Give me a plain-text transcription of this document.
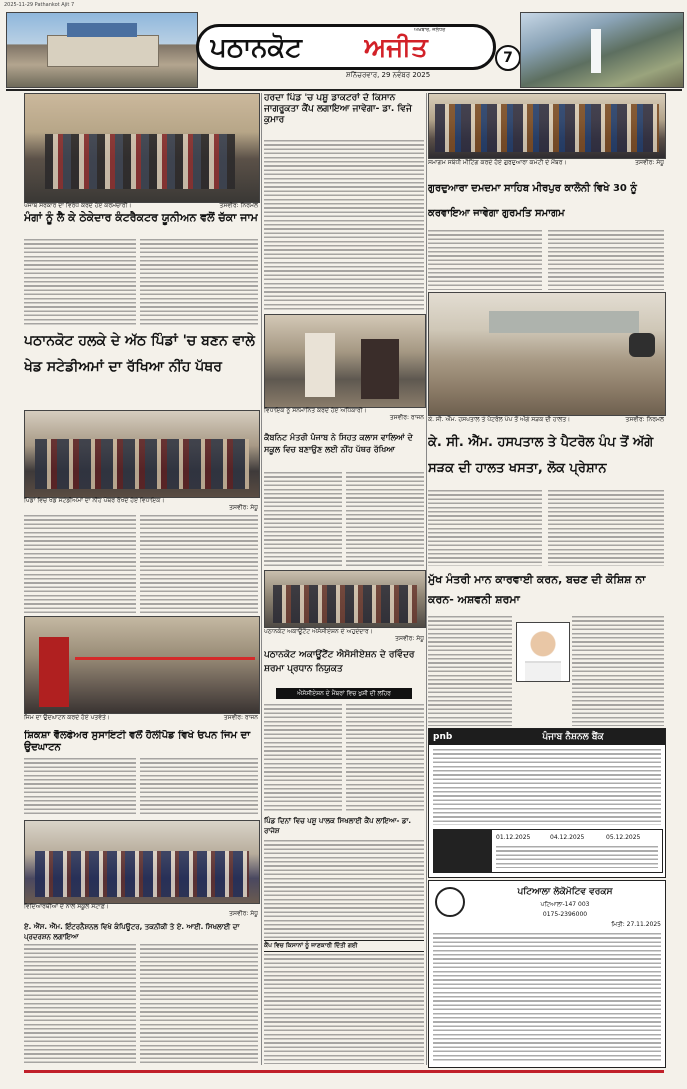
2025-11-29 Pathankot Ajit 7
ਪਠਾਨਕੋਟ	ਅਜੀਤ
ਅਖ਼ਬਾਰ, ਜਲੰਧਰ
ਸ਼ਨਿੱਚਰਵਾਰ, 29 ਨਵੰਬਰ 2025
7
ਪੰਜਾਬ ਸਰਕਾਰ ਦਾ ਵਿਰੋਧ ਕਰਦੇ ਹੋਏ ਕਰਮਚਾਰੀ।	ਤਸਵੀਰ: ਨਿਰਮਲ
ਮੰਗਾਂ ਨੂੰ ਲੈ ਕੇ ਠੇਕੇਦਾਰ ਕੰਟਰੈਕਟਰ ਯੂਨੀਅਨ ਵਲੋਂ ਚੱਕਾ ਜਾਮ
ਪਠਾਨਕੋਟ ਹਲਕੇ ਦੇ ਅੱਠ ਪਿੰਡਾਂ 'ਚ ਬਣਨ ਵਾਲੇ ਖੇਡ ਸਟੇਡੀਅਮਾਂ ਦਾ ਰੱਖਿਆ ਨੀਂਹ ਪੱਥਰ
ਪਿੰਡਾਂ ਵਿਚ ਖੇਡ ਸਟੇਡੀਅਮਾਂ ਦਾ ਨੀਂਹ ਪੱਥਰ ਰੱਖਦੇ ਹੋਏ ਵਿਧਾਇਕ।
ਤਸਵੀਰ: ਸੰਧੂ
ਜਿਮ ਦਾ ਉਦਘਾਟਨ ਕਰਦੇ ਹੋਏ ਪਤਵੰਤੇ।	ਤਸਵੀਰ: ਰਾਜਨ
ਸ਼ਿਕਸ਼ਾ ਵੈੱਲਫੇਅਰ ਸੁਸਾਇਟੀ ਵਲੋਂ ਹੈਲੀਪੈਡ ਵਿਖੇ ਓਪਨ ਜਿਮ ਦਾ ਉਦਘਾਟਨ
ਵਿਦਿਆਰਥੀਆਂ ਦੇ ਨਾਲ ਸਕੂਲ ਸਟਾਫ਼।
ਤਸਵੀਰ: ਸੰਧੂ
ਏ. ਐੱਸ. ਐੱਮ. ਇੰਟਰਨੈਸ਼ਨਲ ਵਿਖੇ ਕੰਪਿਊਟਰ, ਤਕਨੀਕੀ ਤੇ ਏ. ਆਈ. ਸਿਖਲਾਈ ਦਾ ਪ੍ਰਦਰਸ਼ਨ ਲਗਾਇਆ
ਹਰਦਾ ਪਿੰਡ 'ਚ ਪਸ਼ੂ ਡਾਕਟਰਾਂ ਦੇ ਕਿਸਾਨ ਜਾਗਰੂਕਤਾ ਕੈਂਪ ਲਗਾਇਆ ਜਾਵੇਗਾ- ਡਾ. ਵਿਜੇ ਕੁਮਾਰ
ਵਿਧਾਇਕ ਨੂੰ ਸਨਮਾਨਿਤ ਕਰਦੇ ਹੋਏ ਅਧਿਕਾਰੀ।
ਤਸਵੀਰ: ਰਾਜਨ
ਕੈਬਨਿਟ ਮੰਤਰੀ ਪੰਜਾਬ ਨੇ ਸਿਹਤ ਕਲਾਸ ਵਾਲਿਆਂ ਦੇ ਸਕੂਲ ਵਿਚ ਬਣਾਉਣ ਲਈ ਨੀਂਹ ਪੱਥਰ ਰੱਖਿਆ
ਪਠਾਨਕੋਟ ਅਕਾਊਂਟੈਂਟ ਐਸੋਸੀਏਸ਼ਨ ਦੇ ਅਹੁਦੇਦਾਰ।
ਤਸਵੀਰ: ਸੰਧੂ
ਪਠਾਨਕੋਟ ਅਕਾਊਂਟੈਂਟ ਐਸੋਸੀਏਸ਼ਨ ਦੇ ਰਵਿੰਦਰ ਸ਼ਰਮਾ ਪ੍ਰਧਾਨ ਨਿਯੁਕਤ
ਐਸੋਸੀਏਸ਼ਨ ਦੇ ਮੈਂਬਰਾਂ ਵਿਚ ਖੁਸ਼ੀ ਦੀ ਲਹਿਰ
ਪਿੰਡ ਦਿਨਾਂ ਵਿਚ ਪਸ਼ੂ ਪਾਲਕ ਸਿਖਲਾਈ ਕੈਂਪ ਲਾਇਆ- ਡਾ. ਰਾਜੇਸ਼
ਕੈਂਪ ਵਿਚ ਕਿਸਾਨਾਂ ਨੂੰ ਜਾਣਕਾਰੀ ਦਿੱਤੀ ਗਈ
ਸਮਾਗਮ ਸਬੰਧੀ ਮੀਟਿੰਗ ਕਰਦੇ ਹੋਏ ਗੁਰਦੁਆਰਾ ਕਮੇਟੀ ਦੇ ਮੈਂਬਰ।	ਤਸਵੀਰ: ਸੰਧੂ
ਗੁਰਦੁਆਰਾ ਦਮਦਮਾ ਸਾਹਿਬ ਮੀਰਪੁਰ ਕਾਲੋਨੀ ਵਿਖੇ 30 ਨੂੰ ਕਰਵਾਇਆ ਜਾਵੇਗਾ ਗੁਰਮਤਿ ਸਮਾਗਮ
ਕੇ. ਸੀ. ਐੱਮ. ਹਸਪਤਾਲ ਤੇ ਪੈਟਰੋਲ ਪੰਪ ਤੋਂ ਅੱਗੇ ਸੜਕ ਦੀ ਹਾਲਤ।	ਤਸਵੀਰ: ਨਿਰਮਲ
ਕੇ. ਸੀ. ਐੱਮ. ਹਸਪਤਾਲ ਤੇ ਪੈਟਰੋਲ ਪੰਪ ਤੋਂ ਅੱਗੇ ਸੜਕ ਦੀ ਹਾਲਤ ਖਸਤਾ, ਲੋਕ ਪ੍ਰੇਸ਼ਾਨ
ਮੁੱਖ ਮੰਤਰੀ ਮਾਨ ਕਾਰਵਾਈ ਕਰਨ, ਬਚਣ ਦੀ ਕੋਸ਼ਿਸ਼ ਨਾ ਕਰਨ- ਅਸ਼ਵਨੀ ਸ਼ਰਮਾ
pnb	ਪੰਜਾਬ ਨੈਸ਼ਨਲ ਬੈਂਕ
01.12.2025	04.12.2025	05.12.2025
ਪਟਿਆਲਾ ਲੋਕੋਮੋਟਿਵ ਵਰਕਸ
ਪਟਿਆਲਾ-147 003
0175-2396000
ਮਿਤੀ: 27.11.2025
